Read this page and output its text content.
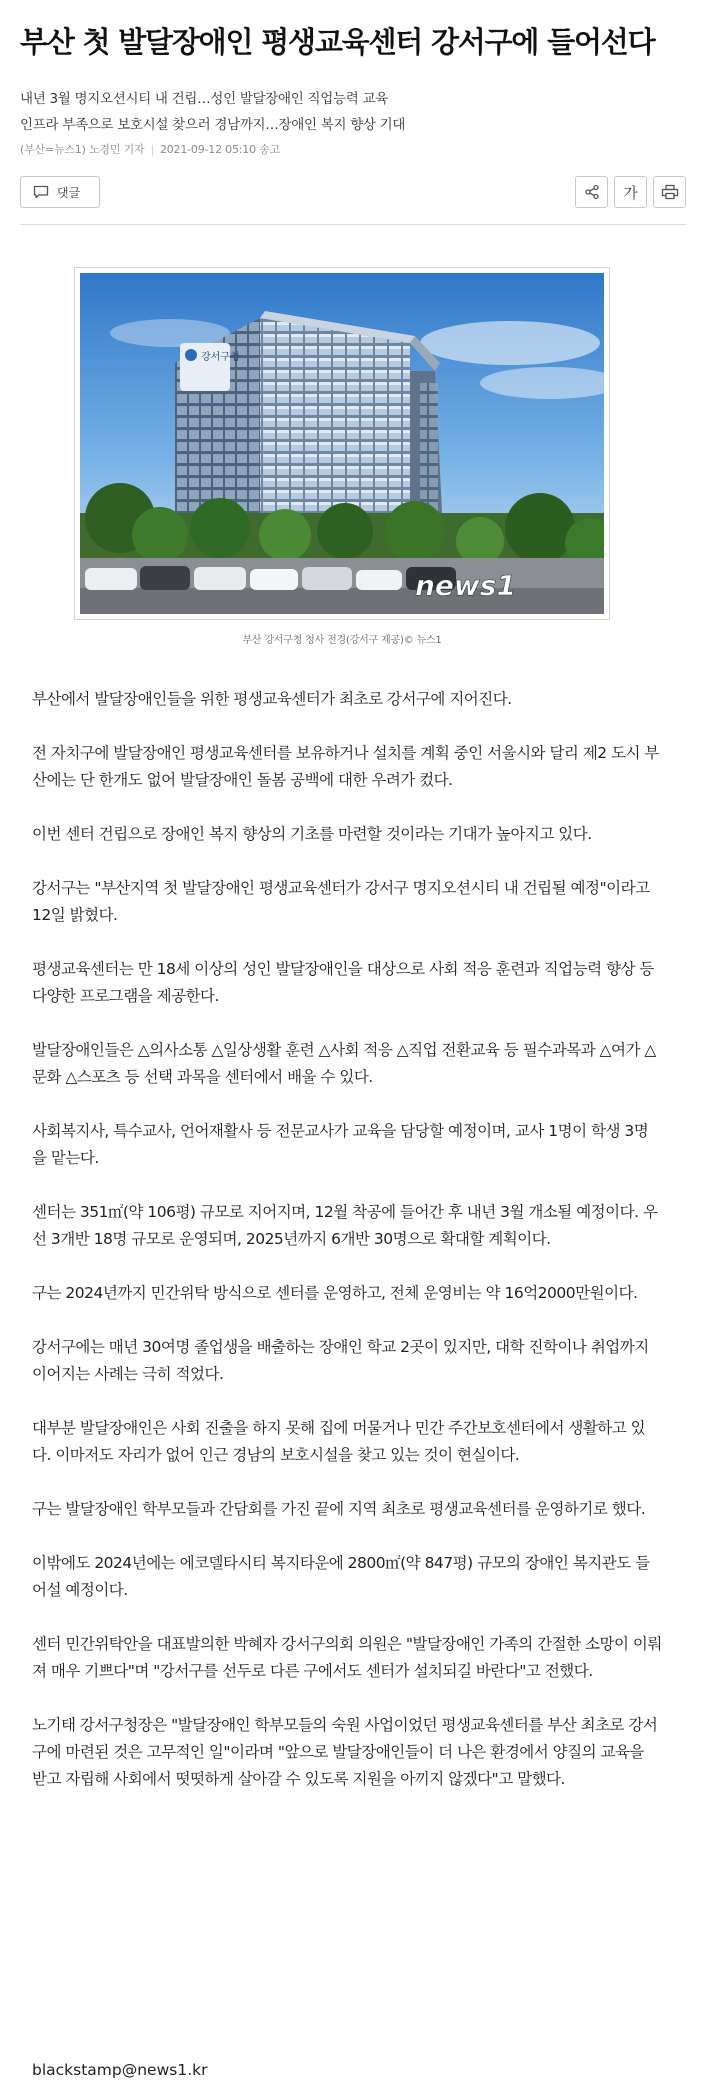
부산 첫 발달장애인 평생교육센터 강서구에 들어선다
내년 3월 명지오션시티 내 건립…성인 발달장애인 직업능력 교육
인프라 부족으로 보호시설 찾으러 경남까지…장애인 복지 향상 기대
(부산=뉴스1) 노경민 기자 | 2021-09-12 05:10 송고
댓글	가
강서구청
news1
부산 강서구청 청사 전경(강서구 제공)© 뉴스1

부산에서 발달장애인들을 위한 평생교육센터가 최초로 강서구에 지어진다.

전 자치구에 발달장애인 평생교육센터를 보유하거나 설치를 계획 중인 서울시와 달리 제2 도시 부산에는 단 한개도 없어 발달장애인 돌봄 공백에 대한 우려가 컸다.

이번 센터 건립으로 장애인 복지 향상의 기초를 마련할 것이라는 기대가 높아지고 있다.

강서구는 "부산지역 첫 발달장애인 평생교육센터가 강서구 명지오션시티 내 건립될 예정"이라고 12일 밝혔다.

평생교육센터는 만 18세 이상의 성인 발달장애인을 대상으로 사회 적응 훈련과 직업능력 향상 등 다양한 프로그램을 제공한다.

발달장애인들은 △의사소통 △일상생활 훈련 △사회 적응 △직업 전환교육 등 필수과목과 △여가 △문화 △스포츠 등 선택 과목을 센터에서 배울 수 있다.

사회복지사, 특수교사, 언어재활사 등 전문교사가 교육을 담당할 예정이며, 교사 1명이 학생 3명을 맡는다.

센터는 351㎡(약 106평) 규모로 지어지며, 12월 착공에 들어간 후 내년 3월 개소될 예정이다. 우선 3개반 18명 규모로 운영되며, 2025년까지 6개반 30명으로 확대할 계획이다.

구는 2024년까지 민간위탁 방식으로 센터를 운영하고, 전체 운영비는 약 16억2000만원이다.

강서구에는 매년 30여명 졸업생을 배출하는 장애인 학교 2곳이 있지만, 대학 진학이나 취업까지 이어지는 사례는 극히 적었다.

대부분 발달장애인은 사회 진출을 하지 못해 집에 머물거나 민간 주간보호센터에서 생활하고 있다. 이마저도 자리가 없어 인근 경남의 보호시설을 찾고 있는 것이 현실이다.

구는 발달장애인 학부모들과 간담회를 가진 끝에 지역 최초로 평생교육센터를 운영하기로 했다.

이밖에도 2024년에는 에코델타시티 복지타운에 2800㎡(약 847평) 규모의 장애인 복지관도 들어설 예정이다.

센터 민간위탁안을 대표발의한 박혜자 강서구의회 의원은 "발달장애인 가족의 간절한 소망이 이뤄져 매우 기쁘다"며 "강서구를 선두로 다른 구에서도 센터가 설치되길 바란다"고 전했다.

노기태 강서구청장은 "발달장애인 학부모들의 숙원 사업이었던 평생교육센터를 부산 최초로 강서구에 마련된 것은 고무적인 일"이라며 "앞으로 발달장애인들이 더 나은 환경에서 양질의 교육을 받고 자립해 사회에서 떳떳하게 살아갈 수 있도록 지원을 아끼지 않겠다"고 말했다.

blackstamp@news1.kr
